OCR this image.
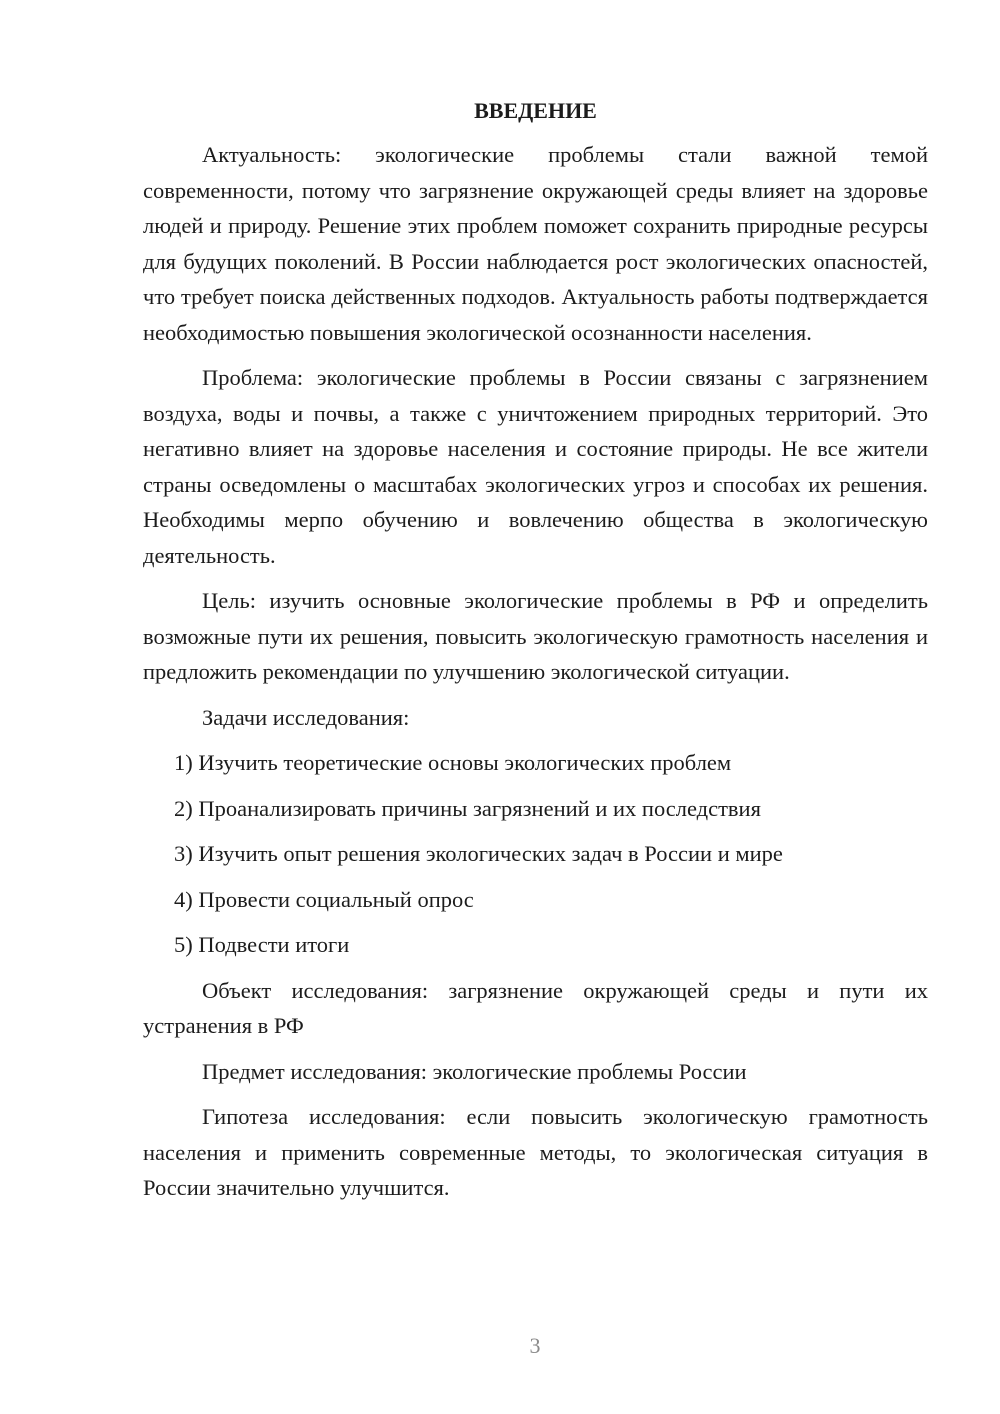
ВВЕДЕНИЕ

Актуальность: экологические проблемы стали важной темой современности, потому что загрязнение окружающей среды влияет на здоровье людей и природу. Решение этих проблем поможет сохранить природные ресурсы для будущих поколений. В России наблюдается рост экологических опасностей, что требует поиска действенных подходов. Актуальность работы подтверждается необходимостью повышения экологической осознанности населения.

Проблема: экологические проблемы в России связаны с загрязнением воздуха, воды и почвы, а также с уничтожением природных территорий. Это негативно влияет на здоровье населения и состояние природы. Не все жители страны осведомлены о масштабах экологических угроз и способах их решения. Необходимы мерпо обучению и вовлечению общества в экологическую деятельность.

Цель: изучить основные экологические проблемы в РФ и определить возможные пути их решения, повысить экологическую грамотность населения и предложить рекомендации по улучшению экологической ситуации.

Задачи исследования:

1) Изучить теоретические основы экологических проблем
2) Проанализировать причины загрязнений и их последствия
3) Изучить опыт решения экологических задач в России и мире
4) Провести социальный опрос
5) Подвести итоги

Объект исследования: загрязнение окружающей среды и пути их устранения в РФ

Предмет исследования: экологические проблемы России

Гипотеза исследования: если повысить экологическую грамотность населения и применить современные методы, то экологическая ситуация в России значительно улучшится.

3
